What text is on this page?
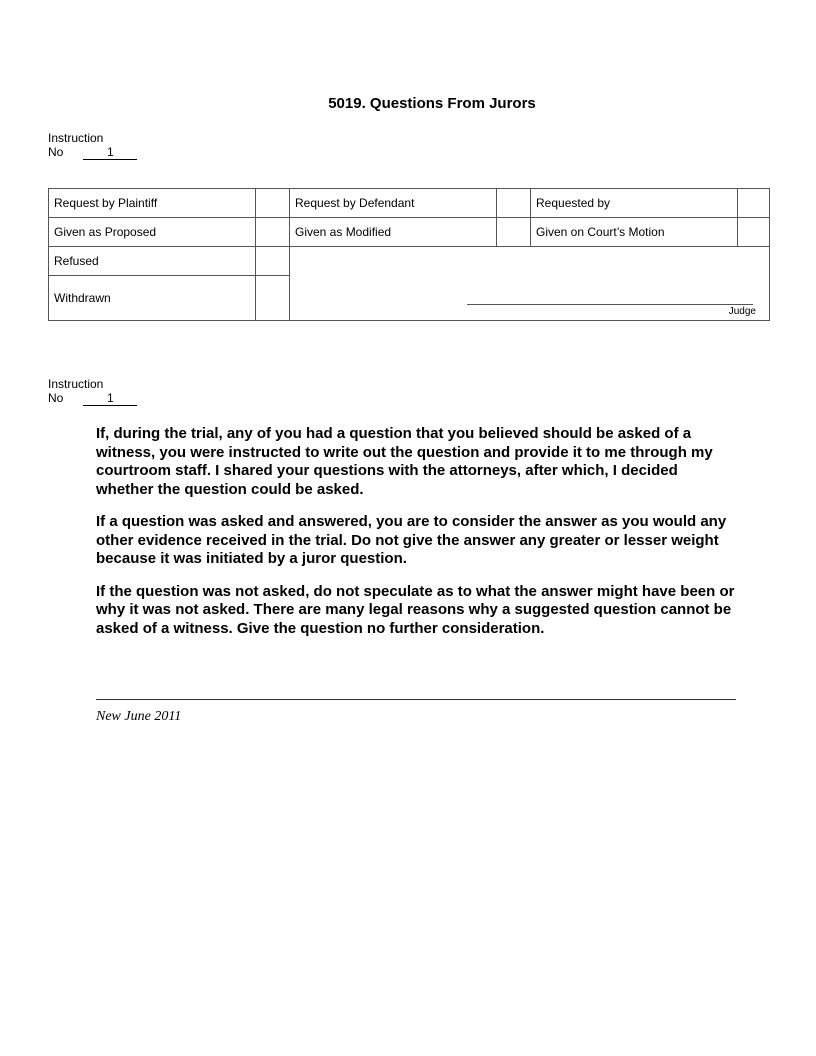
5019. Questions From Jurors
Instruction
No	1
Request by Plaintiff	Request by Defendant	Requested by
Given as Proposed	Given as Modified	Given on Court’s Motion
Refused
Withdrawn
Judge
Instruction
No	1

If, during the trial, any of you had a question that you believed should be asked of a witness, you were instructed to write out the question and provide it to me through my courtroom staff. I shared your questions with the attorneys, after which, I decided whether the question could be asked.

If a question was asked and answered, you are to consider the answer as you would any other evidence received in the trial. Do not give the answer any greater or lesser weight because it was initiated by a juror question.

If the question was not asked, do not speculate as to what the answer might have been or why it was not asked. There are many legal reasons why a suggested question cannot be asked of a witness. Give the question no further consideration.

New June 2011
